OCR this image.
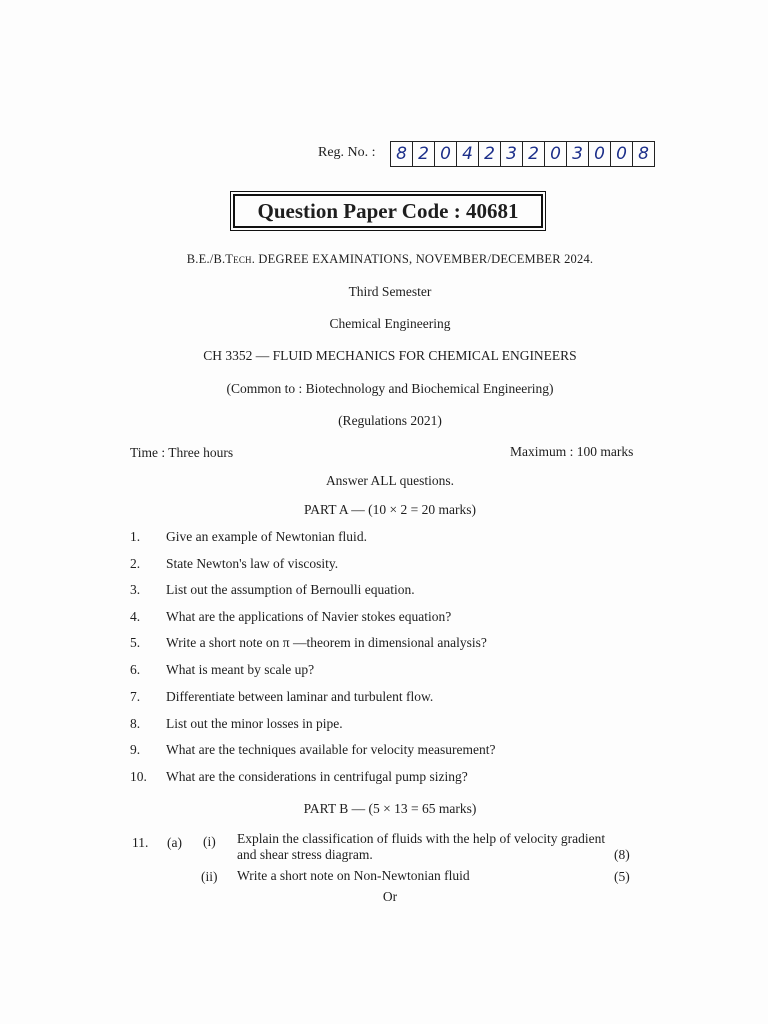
Reg. No. : 8 2 0 4 2 3 2 0 3 0 0 8
Question Paper Code : 40681
B.E./B.Tech. DEGREE EXAMINATIONS, NOVEMBER/DECEMBER 2024.
Third Semester
Chemical Engineering
CH 3352 — FLUID MECHANICS FOR CHEMICAL ENGINEERS
(Common to : Biotechnology and Biochemical Engineering)
(Regulations 2021)
Time : Three hours	Maximum : 100 marks
Answer ALL questions.
PART A — (10 × 2 = 20 marks)
1.	Give an example of Newtonian fluid.
2.	State Newton's law of viscosity.
3.	List out the assumption of Bernoulli equation.
4.	What are the applications of Navier stokes equation?
5.	Write a short note on π —theorem in dimensional analysis?
6.	What is meant by scale up?
7.	Differentiate between laminar and turbulent flow.
8.	List out the minor losses in pipe.
9.	What are the techniques available for velocity measurement?
10.	What are the considerations in centrifugal pump sizing?
PART B — (5 × 13 = 65 marks)
11. (a) (i) Explain the classification of fluids with the help of velocity gradient
and shear stress diagram.	(8)
(ii) Write a short note on Non-Newtonian fluid	(5)
Or
